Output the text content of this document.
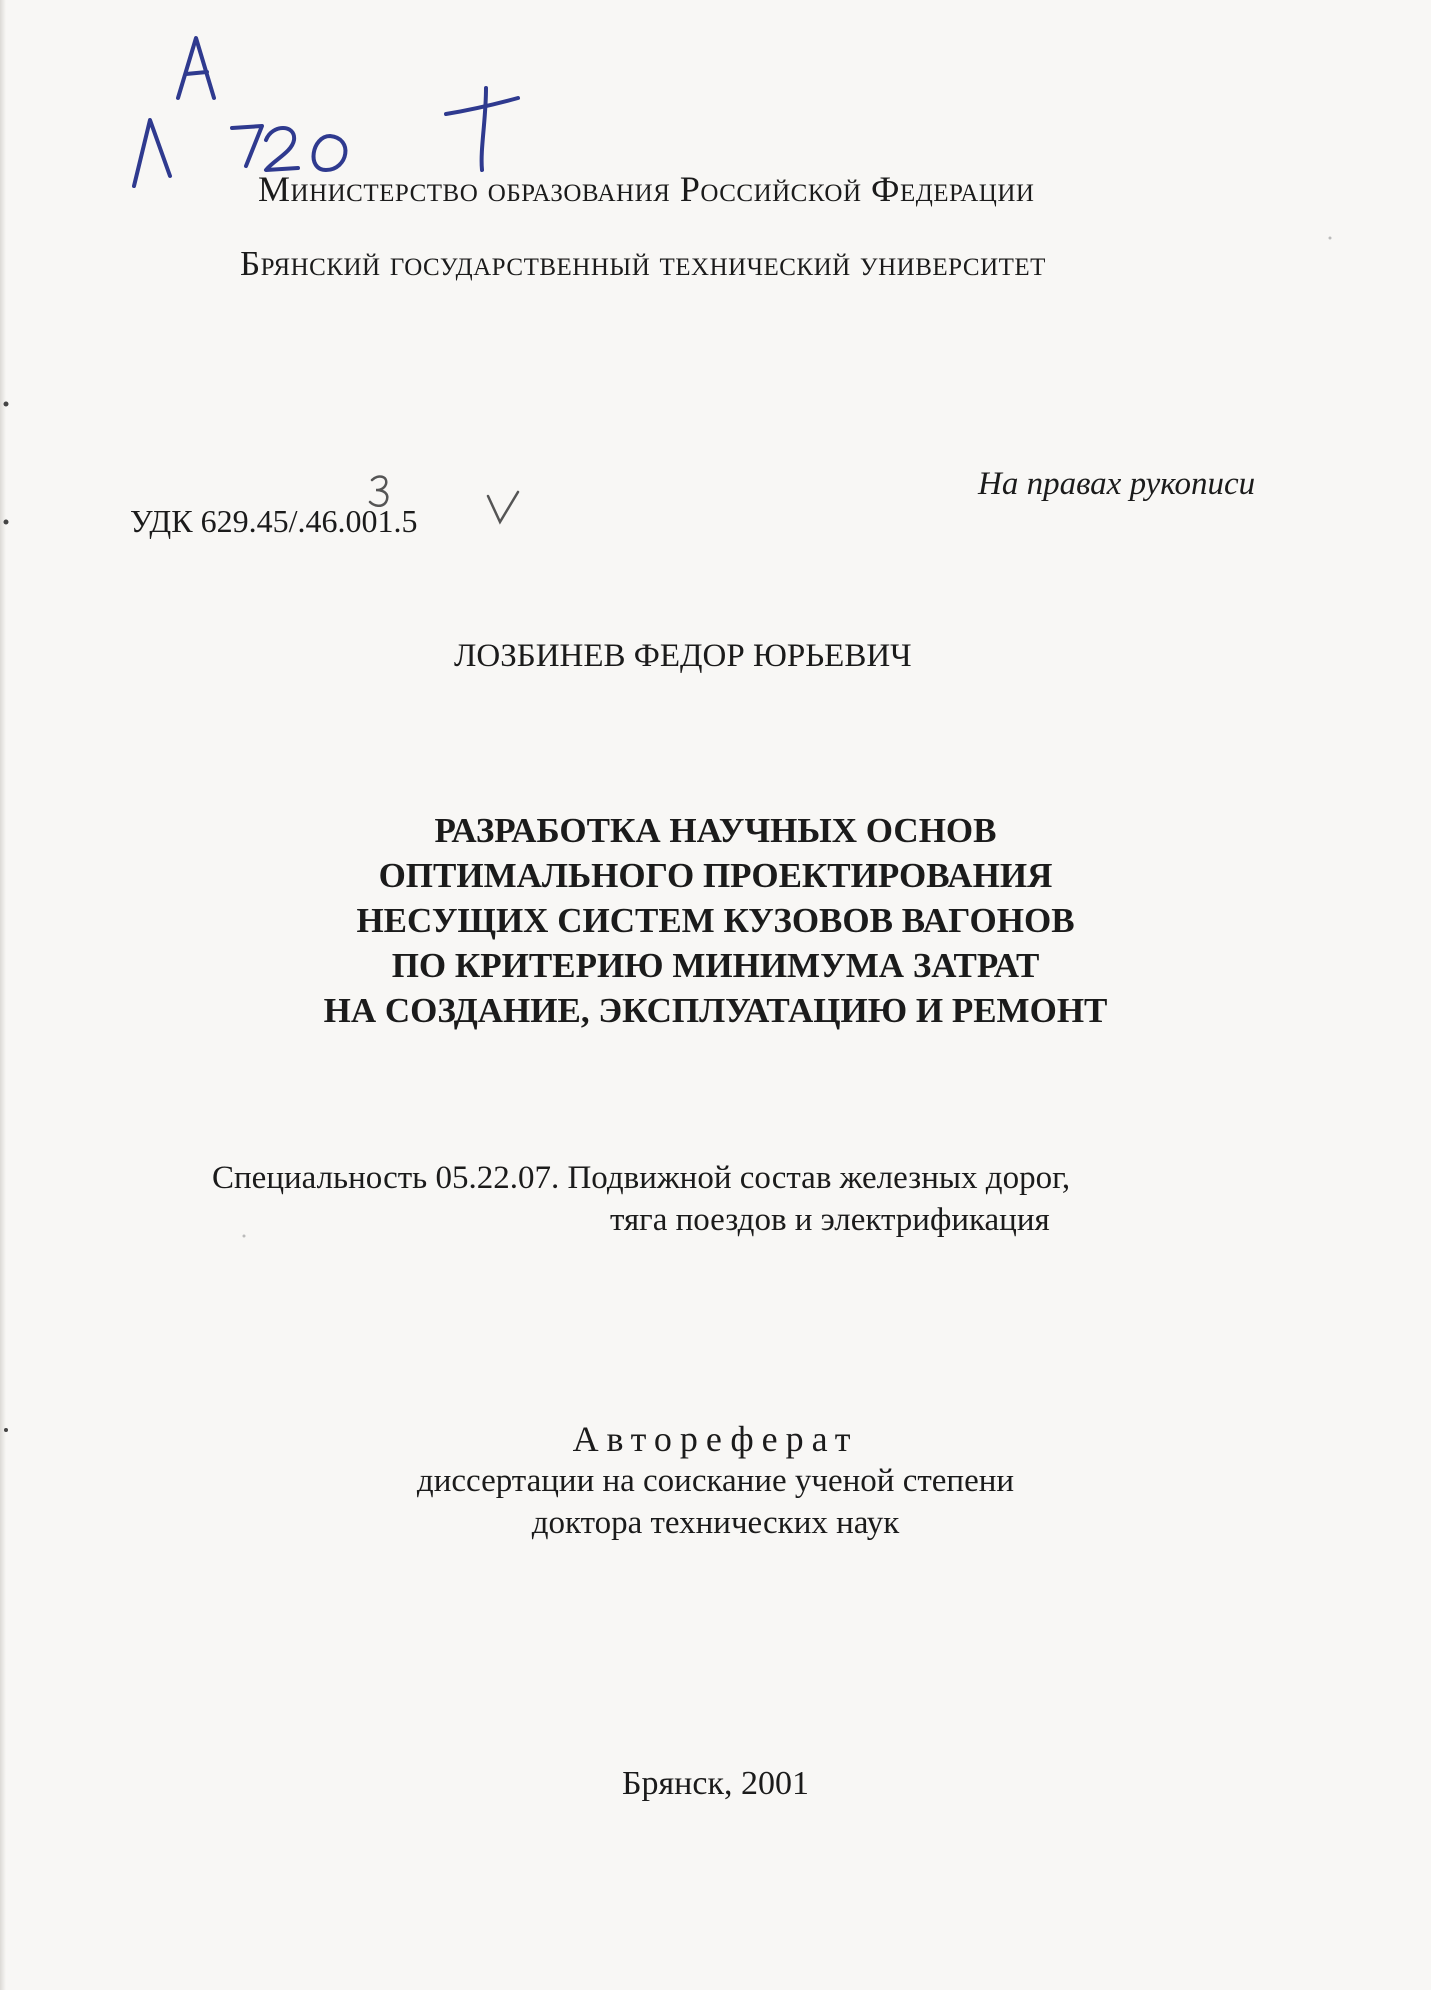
Министерство образования Российской Федерации
Брянский государственный технический университет
На правах рукописи
УДК 629.45/.46.001.5
ЛОЗБИНЕВ ФЕДОР ЮРЬЕВИЧ
РАЗРАБОТКА НАУЧНЫХ ОСНОВ
ОПТИМАЛЬНОГО ПРОЕКТИРОВАНИЯ
НЕСУЩИХ СИСТЕМ КУЗОВОВ ВАГОНОВ
ПО КРИТЕРИЮ МИНИМУМА ЗАТРАТ
НА СОЗДАНИЕ, ЭКСПЛУАТАЦИЮ И РЕМОНТ
Специальность 05.22.07. Подвижной состав железных дорог,
тяга поездов и электрификация
Автореферат
диссертации на соискание ученой степени
доктора технических наук
Брянск, 2001
